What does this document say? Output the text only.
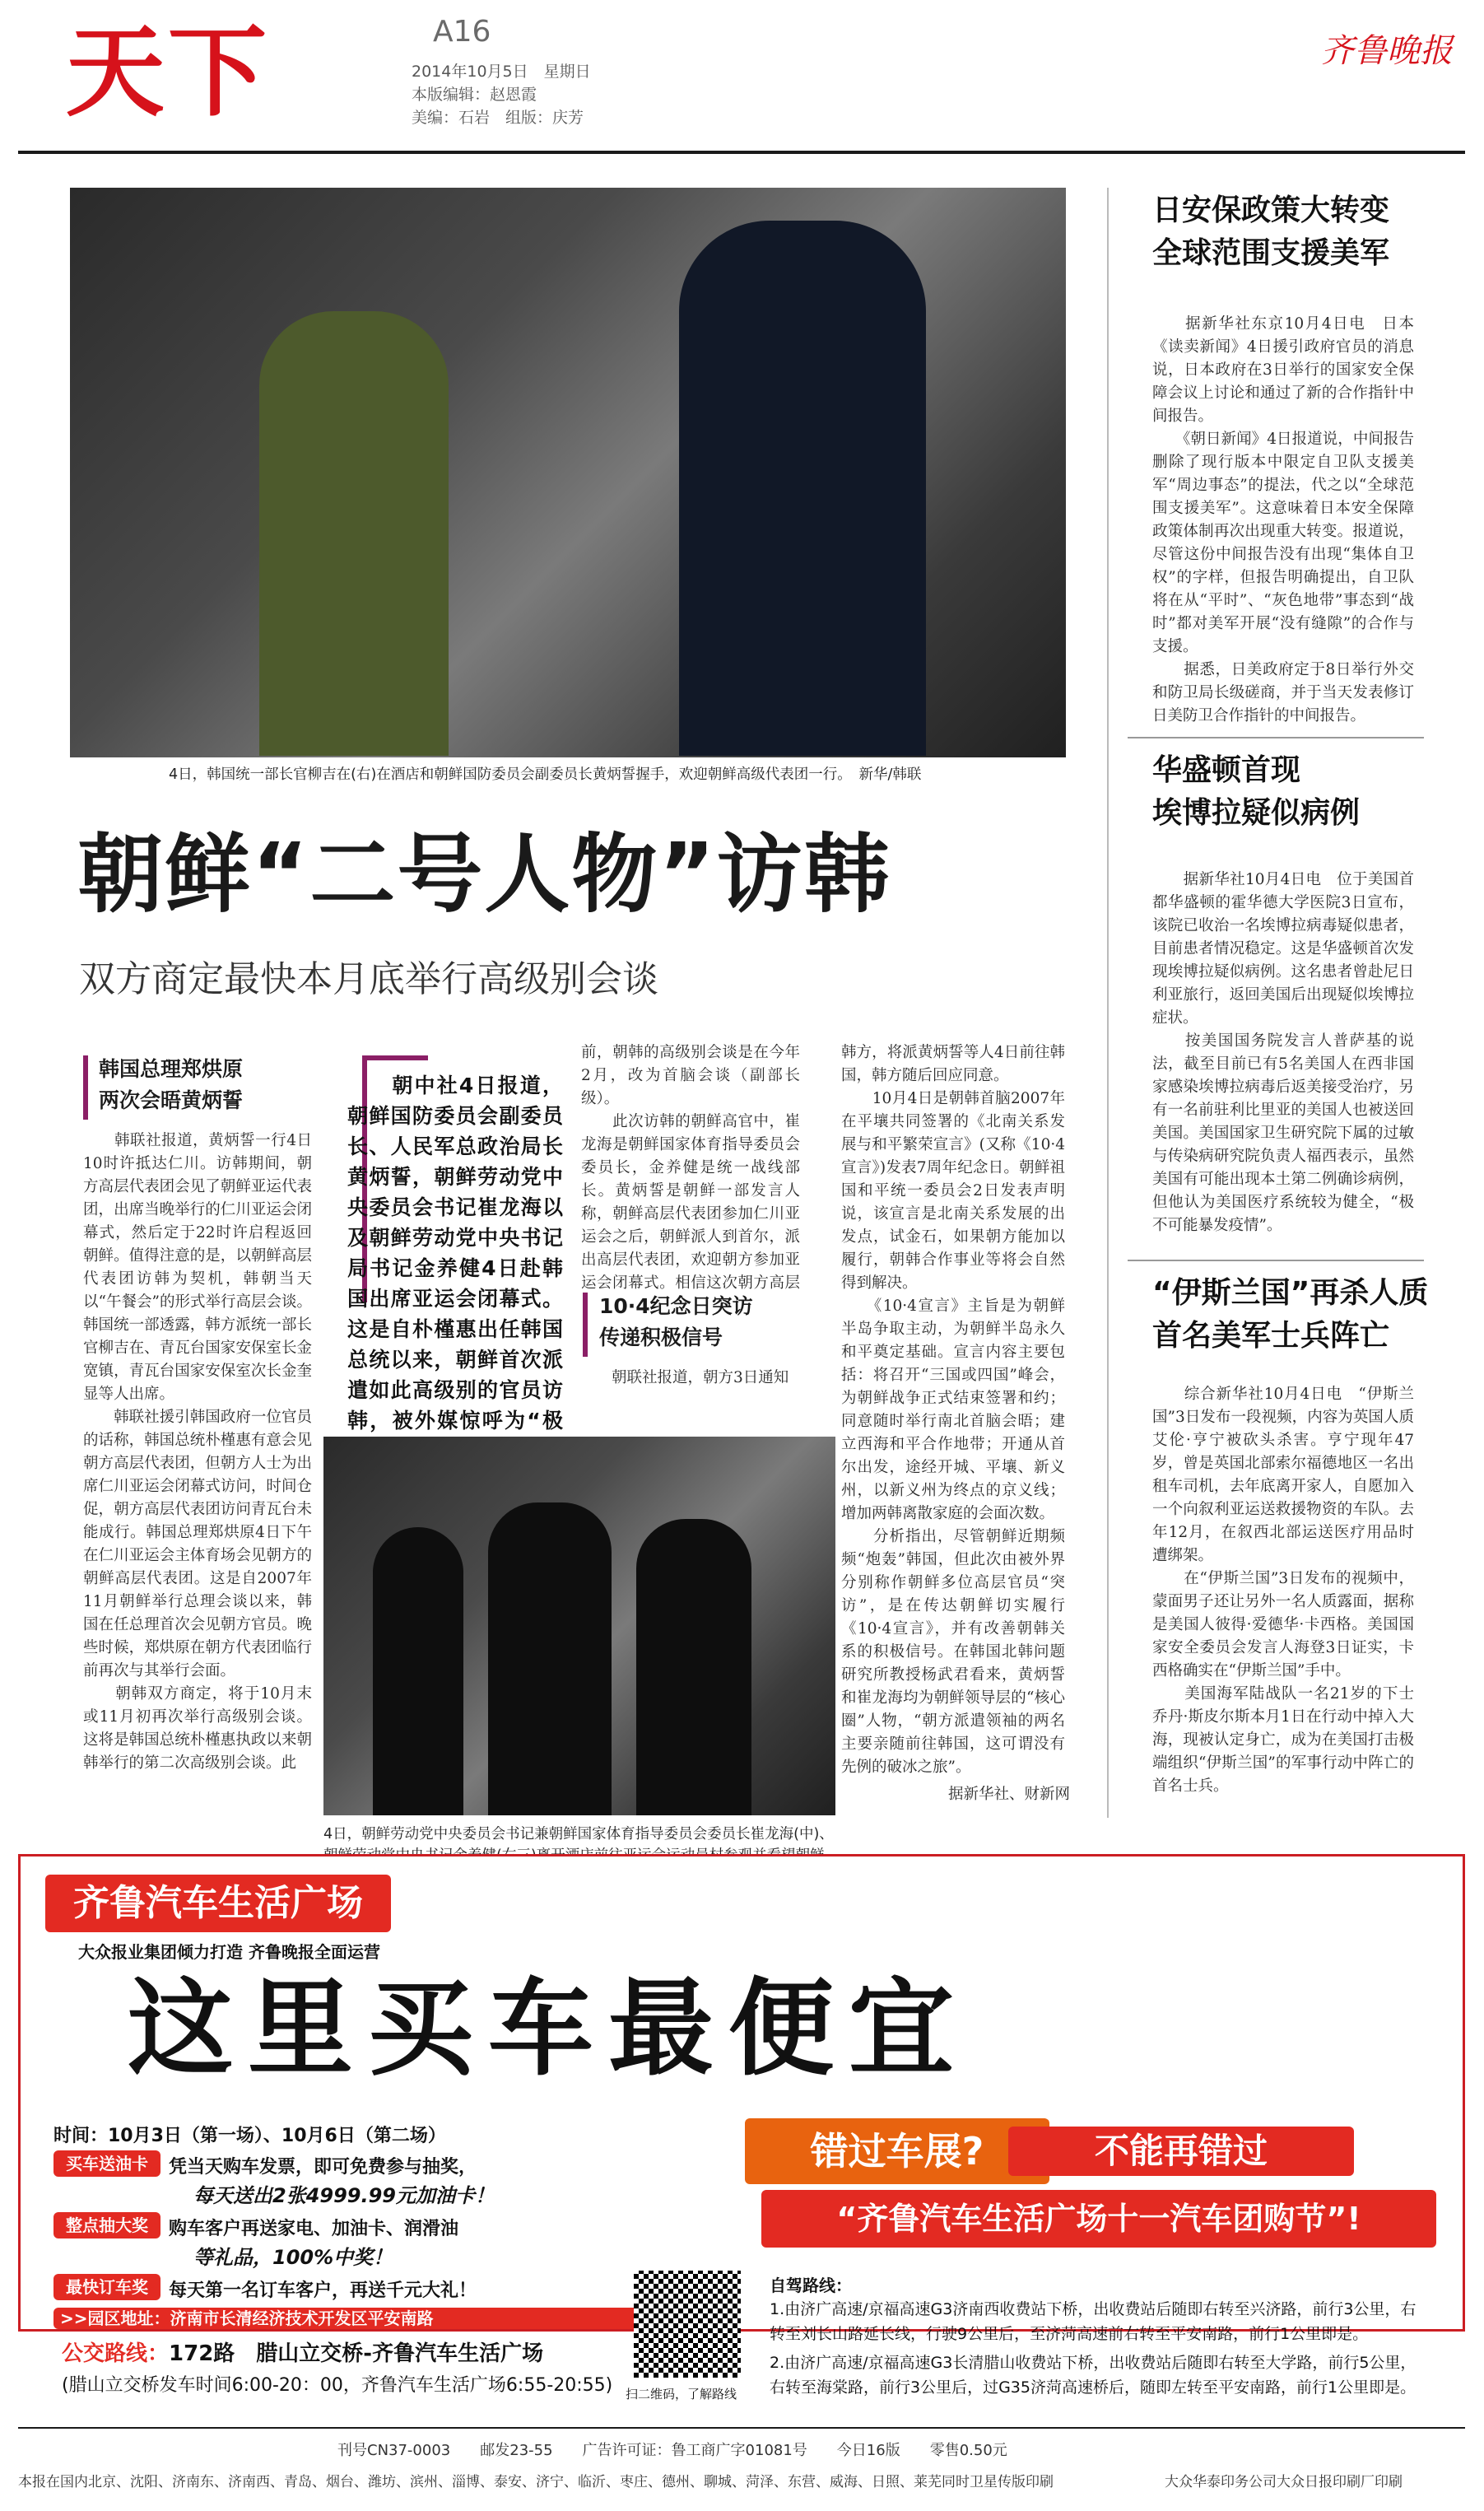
天下	A16
2014年10月5日　星期日
本版编辑：赵恩霞
美编：石岩　组版：庆芳
齐鲁晚报
4日，韩国统一部长官柳吉在(右)在酒店和朝鲜国防委员会副委员长黄炳誓握手，欢迎朝鲜高级代表团一行。　新华/韩联
朝鲜“二号人物”访韩
双方商定最快本月底举行高级别会谈
韩国总理郑烘原
两次会晤黄炳誓
　　韩联社报道，黄炳誓一行4日10时许抵达仁川。访韩期间，朝方高层代表团会见了朝鲜亚运代表团，出席当晚举行的仁川亚运会闭幕式，然后定于22时许启程返回朝鲜。值得注意的是，以朝鲜高层代表团访韩为契机，韩朝当天以“午餐会”的形式举行高层会谈。韩国统一部透露，韩方派统一部长官柳吉在、青瓦台国家安保室长金宽镇，青瓦台国家安保室次长金奎显等人出席。
　　韩联社援引韩国政府一位官员的话称，韩国总统朴槿惠有意会见朝方高层代表团，但朝方人士为出席仁川亚运会闭幕式访问，时间仓促，朝方高层代表团访问青瓦台未能成行。韩国总理郑烘原4日下午在仁川亚运会主体育场会见朝方的朝鲜高层代表团。这是自2007年11月朝鲜举行总理会谈以来，韩国在任总理首次会见朝方官员。晚些时候，郑烘原在朝方代表团临行前再次与其举行会面。
　　朝韩双方商定，将于10月末或11月初再次举行高级别会谈。这将是韩国总统朴槿惠执政以来朝韩举行的第二次高级别会谈。此
　　朝中社4日报道，朝鲜国防委员会副委员长、人民军总政治局长黄炳誓，朝鲜劳动党中央委员会书记崔龙海以及朝鲜劳动党中央书记局书记金养健4日赴韩国出席亚运会闭幕式。这是自朴槿惠出任韩国总统以来，朝鲜首次派遣如此高级别的官员访韩，被外媒惊呼为“极
前，朝韩的高级别会谈是在今年2月，改为首脑会谈（副部长级）。
　　此次访韩的朝鲜高官中，崔龙海是朝鲜国家体育指导委员会委员长，金养健是统一战线部长。黄炳誓是朝鲜一部发言人称，朝鲜高层代表团参加仁川亚运会之后，朝鲜派人到首尔，派出高层代表团，欢迎朝方参加亚运会闭幕式。相信这次朝方高层
10·4纪念日突访
传递积极信号
　　朝联社报道，朝方3日通知
韩方，将派黄炳誓等人4日前往韩国，韩方随后回应同意。
　　10月4日是朝韩首脑2007年在平壤共同签署的《北南关系发展与和平繁荣宣言》(又称《10·4宣言》)发表7周年纪念日。朝鲜祖国和平统一委员会2日发表声明说，该宣言是北南关系发展的出发点，试金石，如果朝方能加以履行，朝韩合作事业等将会自然得到解决。
　　《10·4宣言》主旨是为朝鲜半岛争取主动，为朝鲜半岛永久和平奠定基础。宣言内容主要包括：将召开“三国或四国”峰会，为朝鲜战争正式结束签署和约；同意随时举行南北首脑会晤；建立西海和平合作地带；开通从首尔出发，途经开城、平壤、新义州，以新义州为终点的京义线；增加两韩离散家庭的会面次数。
　　分析指出，尽管朝鲜近期频频“炮轰”韩国，但此次由被外界分别称作朝鲜多位高层官员“突访”，是在传达朝鲜切实履行《10·4宣言》，并有改善朝韩关系的积极信号。在韩国北韩问题研究所教授杨武君看来，黄炳誓和崔龙海均为朝鲜领导层的“核心圈”人物，“朝方派遣领袖的两名主要亲随前往韩国，这可谓没有先例的破冰之旅”。
据新华社、财新网
4日，朝鲜劳动党中央委员会书记兼朝鲜国家体育指导委员会委员长崔龙海(中)、　
日安保政策大转变
全球范围支援美军
　　据新华社东京10月4日电　日本《读卖新闻》4日援引政府官员的消息说，日本政府在3日举行的国家安全保障会议上讨论和通过了新的合作指针中间报告。
　　《朝日新闻》4日报道说，中间报告删除了现行版本中限定自卫队支援美军“周边事态”的提法，代之以“全球范围支援美军”。这意味着日本安全保障政策体制再次出现重大转变。报道说，尽管这份中间报告没有出现“集体自卫权”的字样，但报告明确提出，自卫队将在从“平时”、“灰色地带”事态到“战时”都对美军开展“没有缝隙”的合作与支援。
　　据悉，日美政府定于8日举行外交和防卫局长级磋商，并于当天发表修订日美防卫合作指针的中间报告。
华盛顿首现
埃博拉疑似病例
　　据新华社10月4日电　位于美国首都华盛顿的霍华德大学医院3日宣布，该院已收治一名埃博拉病毒疑似患者，目前患者情况稳定。这是华盛顿首次发现埃博拉疑似病例。这名患者曾赴尼日利亚旅行，返回美国后出现疑似埃博拉症状。
　　按美国国务院发言人普萨基的说法，截至目前已有5名美国人在西非国家感染埃博拉病毒后返美接受治疗，另有一名前驻利比里亚的美国人也被送回美国。美国国家卫生研究院下属的过敏与传染病研究院负责人福西表示，虽然美国有可能出现本土第二例确诊病例，但他认为美国医疗系统较为健全，“极不可能暴发疫情”。
“伊斯兰国”再杀人质
首名美军士兵阵亡
　　综合新华社10月4日电　“伊斯兰国”3日发布一段视频，内容为英国人质艾伦·亨宁被砍头杀害。亨宁现年47岁，曾是英国北部索尔福德地区一名出租车司机，去年底离开家人，自愿加入一个向叙利亚运送救援物资的车队。去年12月，在叙西北部运送医疗用品时遭绑架。
　　在“伊斯兰国”3日发布的视频中，蒙面男子还让另外一名人质露面，据称是美国人彼得·爱德华·卡西格。美国国家安全委员会发言人海登3日证实，卡西格确实在“伊斯兰国”手中。
　　美国海军陆战队一名21岁的下士乔丹·斯皮尔斯本月1日在行动中掉入大海，现被认定身亡，成为在美国打击极端组织“伊斯兰国”的军事行动中阵亡的首名士兵。
齐鲁汽车生活广场
大众报业集团倾力打造 齐鲁晚报全面运营
这里买车最便宜
时间：10月3日（第一场）、10月6日（第二场）
买车送油卡	凭当天购车发票，即可免费参与抽奖，
每天送出2张4999.99元加油卡！
整点抽大奖	购车客户再送家电、加油卡、润滑油
等礼品，100%中奖！
最快订车奖	每天第一名订车客户，再送千元大礼！
>>园区地址：济南市长清经济技术开发区平安南路
错过车展?	不能再错过
“齐鲁汽车生活广场十一汽车团购节”!
公交路线：172路　腊山立交桥-齐鲁汽车生活广场
(腊山立交桥发车时间6:00-20：00，齐鲁汽车生活广场6:55-20:55) 扫二维码，了解路线
自驾路线：
1.由济广高速/京福高速G3济南西收费站下桥，出收费站后随即右转至兴济路，前行3公里，右转至刘长山路延长线，行驶9公里后，至济菏高速前右转至平安南路，前行1公里即是。
2.由济广高速/京福高速G3长清腊山收费站下桥，出收费站后随即右转至大学路，前行5公里，右转至海棠路，前行3公里后，过G35济菏高速桥后，随即左转至平安南路，前行1公里即是。
刊号CN37-0003　　邮发23-55　　广告许可证：鲁工商广字01081号　　今日16版　　零售0.50元
本报在国内北京、沈阳、济南东、济南西、青岛、烟台、潍坊、滨州、淄博、泰安、济宁、临沂、枣庄、德州、聊城、菏泽、东营、威海、日照、莱芜同时卫星传版印刷	大众华泰印务公司大众日报印刷厂印刷
